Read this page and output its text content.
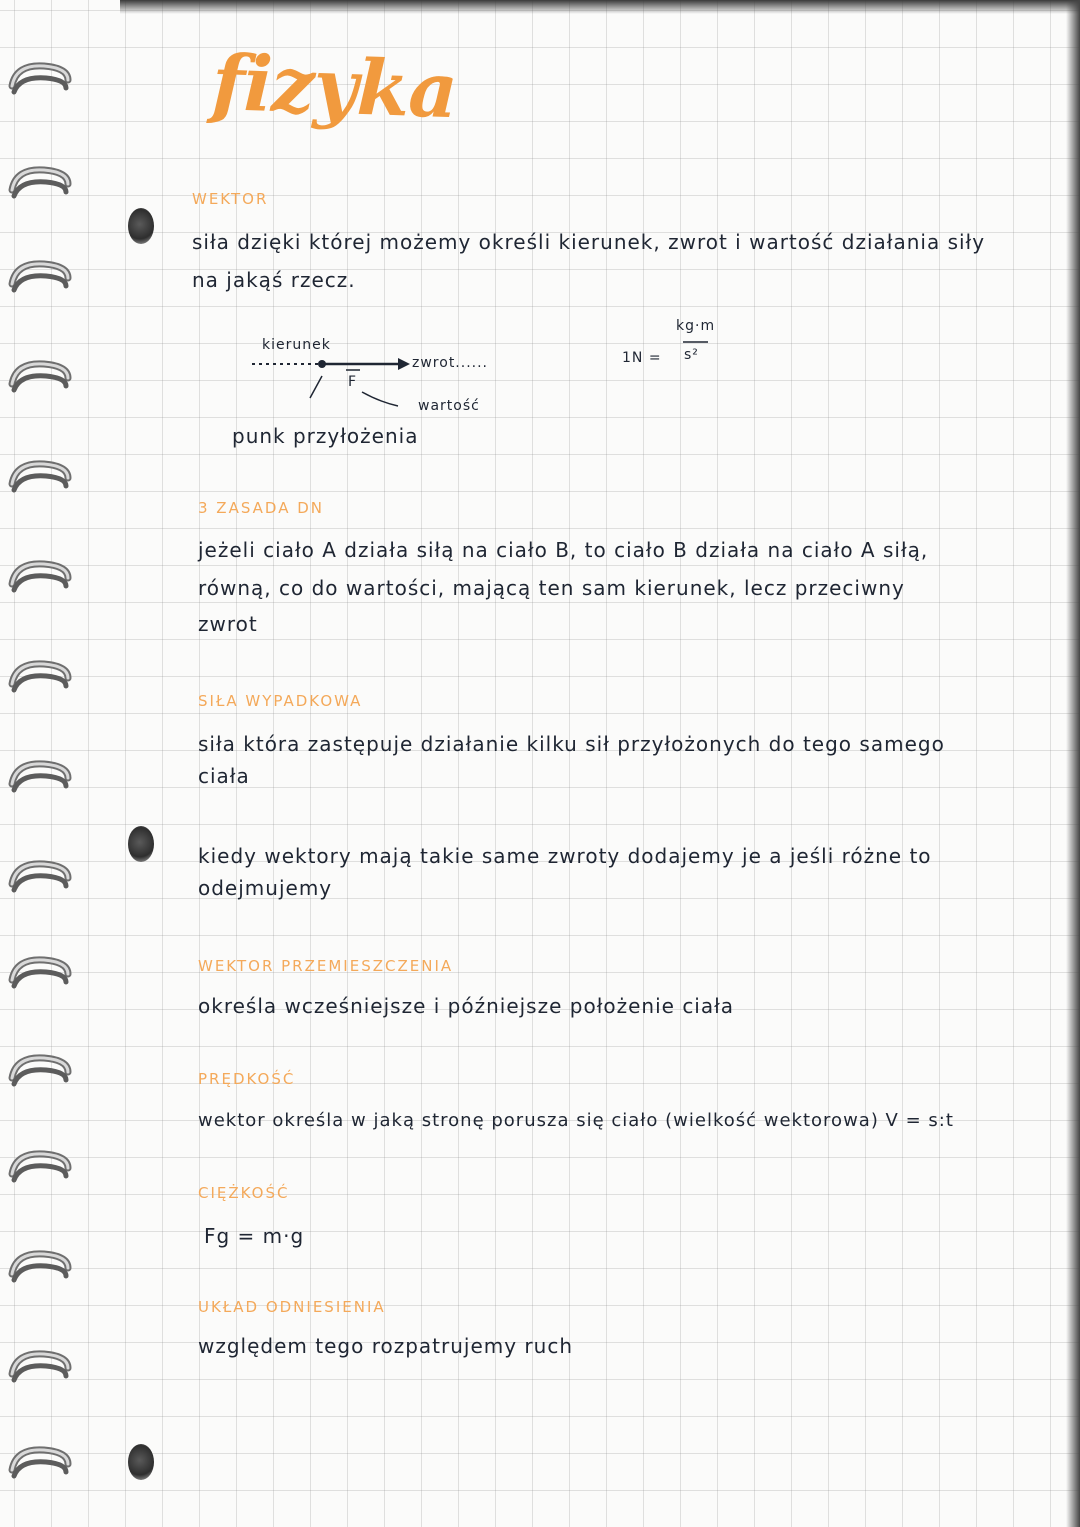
fizyka
WEKTOR
siła dzięki której możemy określi kierunek, zwrot i wartość działania siły
na jakąś rzecz.
kierunek
zwrot......
F
wartość
punk przyłożenia
1N =
kg·m
s²
3 ZASADA DN
jeżeli ciało A działa siłą na ciało B, to ciało B działa na ciało A siłą,
równą, co do wartości, mającą ten sam kierunek, lecz przeciwny
zwrot
SIŁA WYPADKOWA
siła która zastępuje działanie kilku sił przyłożonych do tego samego
ciała
kiedy wektory mają takie same zwroty dodajemy je a jeśli różne to
odejmujemy
WEKTOR PRZEMIESZCZENIA
określa wcześniejsze i późniejsze położenie ciała
PRĘDKOŚĆ
wektor określa w jaką stronę porusza się ciało (wielkość wektorowa) V = s:t
CIĘŻKOŚĆ
Fg = m·g
UKŁAD ODNIESIENIA
względem tego rozpatrujemy ruch
